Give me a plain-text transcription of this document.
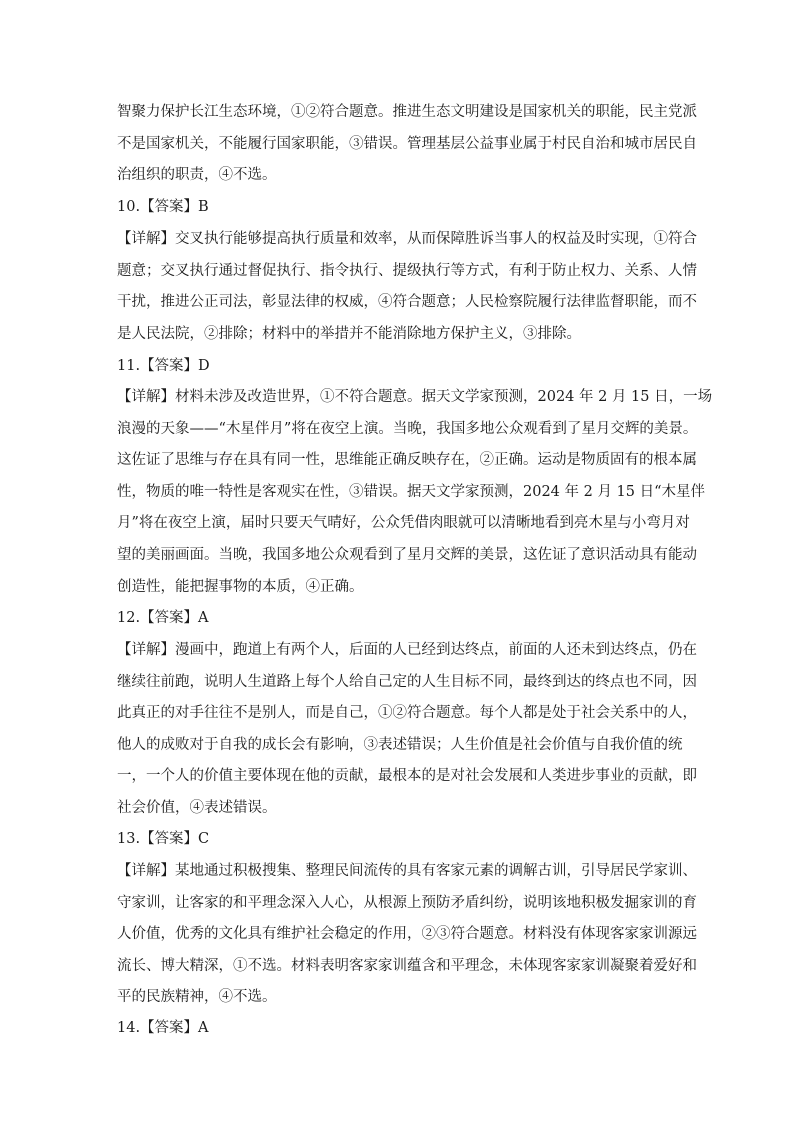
智聚力保护长江生态环境，①②符合题意。推进生态文明建设是国家机关的职能，民主党派
不是国家机关，不能履行国家职能，③错误。管理基层公益事业属于村民自治和城市居民自
治组织的职责，④不选。
10.【答案】B
【详解】交叉执行能够提高执行质量和效率，从而保障胜诉当事人的权益及时实现，①符合
题意；交叉执行通过督促执行、指令执行、提级执行等方式，有利于防止权力、关系、人情
干扰，推进公正司法，彰显法律的权威，④符合题意；人民检察院履行法律监督职能，而不
是人民法院，②排除；材料中的举措并不能消除地方保护主义，③排除。
11.【答案】D
【详解】材料未涉及改造世界，①不符合题意。据天文学家预测，2024 年 2 月 15 日，一场
浪漫的天象——“木星伴月”将在夜空上演。当晚，我国多地公众观看到了星月交辉的美景。
这佐证了思维与存在具有同一性，思维能正确反映存在，②正确。运动是物质固有的根本属
性，物质的唯一特性是客观实在性，③错误。据天文学家预测，2024 年 2 月 15 日“木星伴
月”将在夜空上演，届时只要天气晴好，公众凭借肉眼就可以清晰地看到亮木星与小弯月对
望的美丽画面。当晚，我国多地公众观看到了星月交辉的美景，这佐证了意识活动具有能动
创造性，能把握事物的本质，④正确。
12.【答案】A
【详解】漫画中，跑道上有两个人，后面的人已经到达终点，前面的人还未到达终点，仍在
继续往前跑，说明人生道路上每个人给自己定的人生目标不同，最终到达的终点也不同，因
此真正的对手往往不是别人，而是自己，①②符合题意。每个人都是处于社会关系中的人，
他人的成败对于自我的成长会有影响，③表述错误；人生价值是社会价值与自我价值的统
一，一个人的价值主要体现在他的贡献，最根本的是对社会发展和人类进步事业的贡献，即
社会价值，④表述错误。
13.【答案】C
【详解】某地通过积极搜集、整理民间流传的具有客家元素的调解古训，引导居民学家训、
守家训，让客家的和平理念深入人心，从根源上预防矛盾纠纷，说明该地积极发掘家训的育
人价值，优秀的文化具有维护社会稳定的作用，②③符合题意。材料没有体现客家家训源远
流长、博大精深，①不选。材料表明客家家训蕴含和平理念，未体现客家家训凝聚着爱好和
平的民族精神，④不选。
14.【答案】A
